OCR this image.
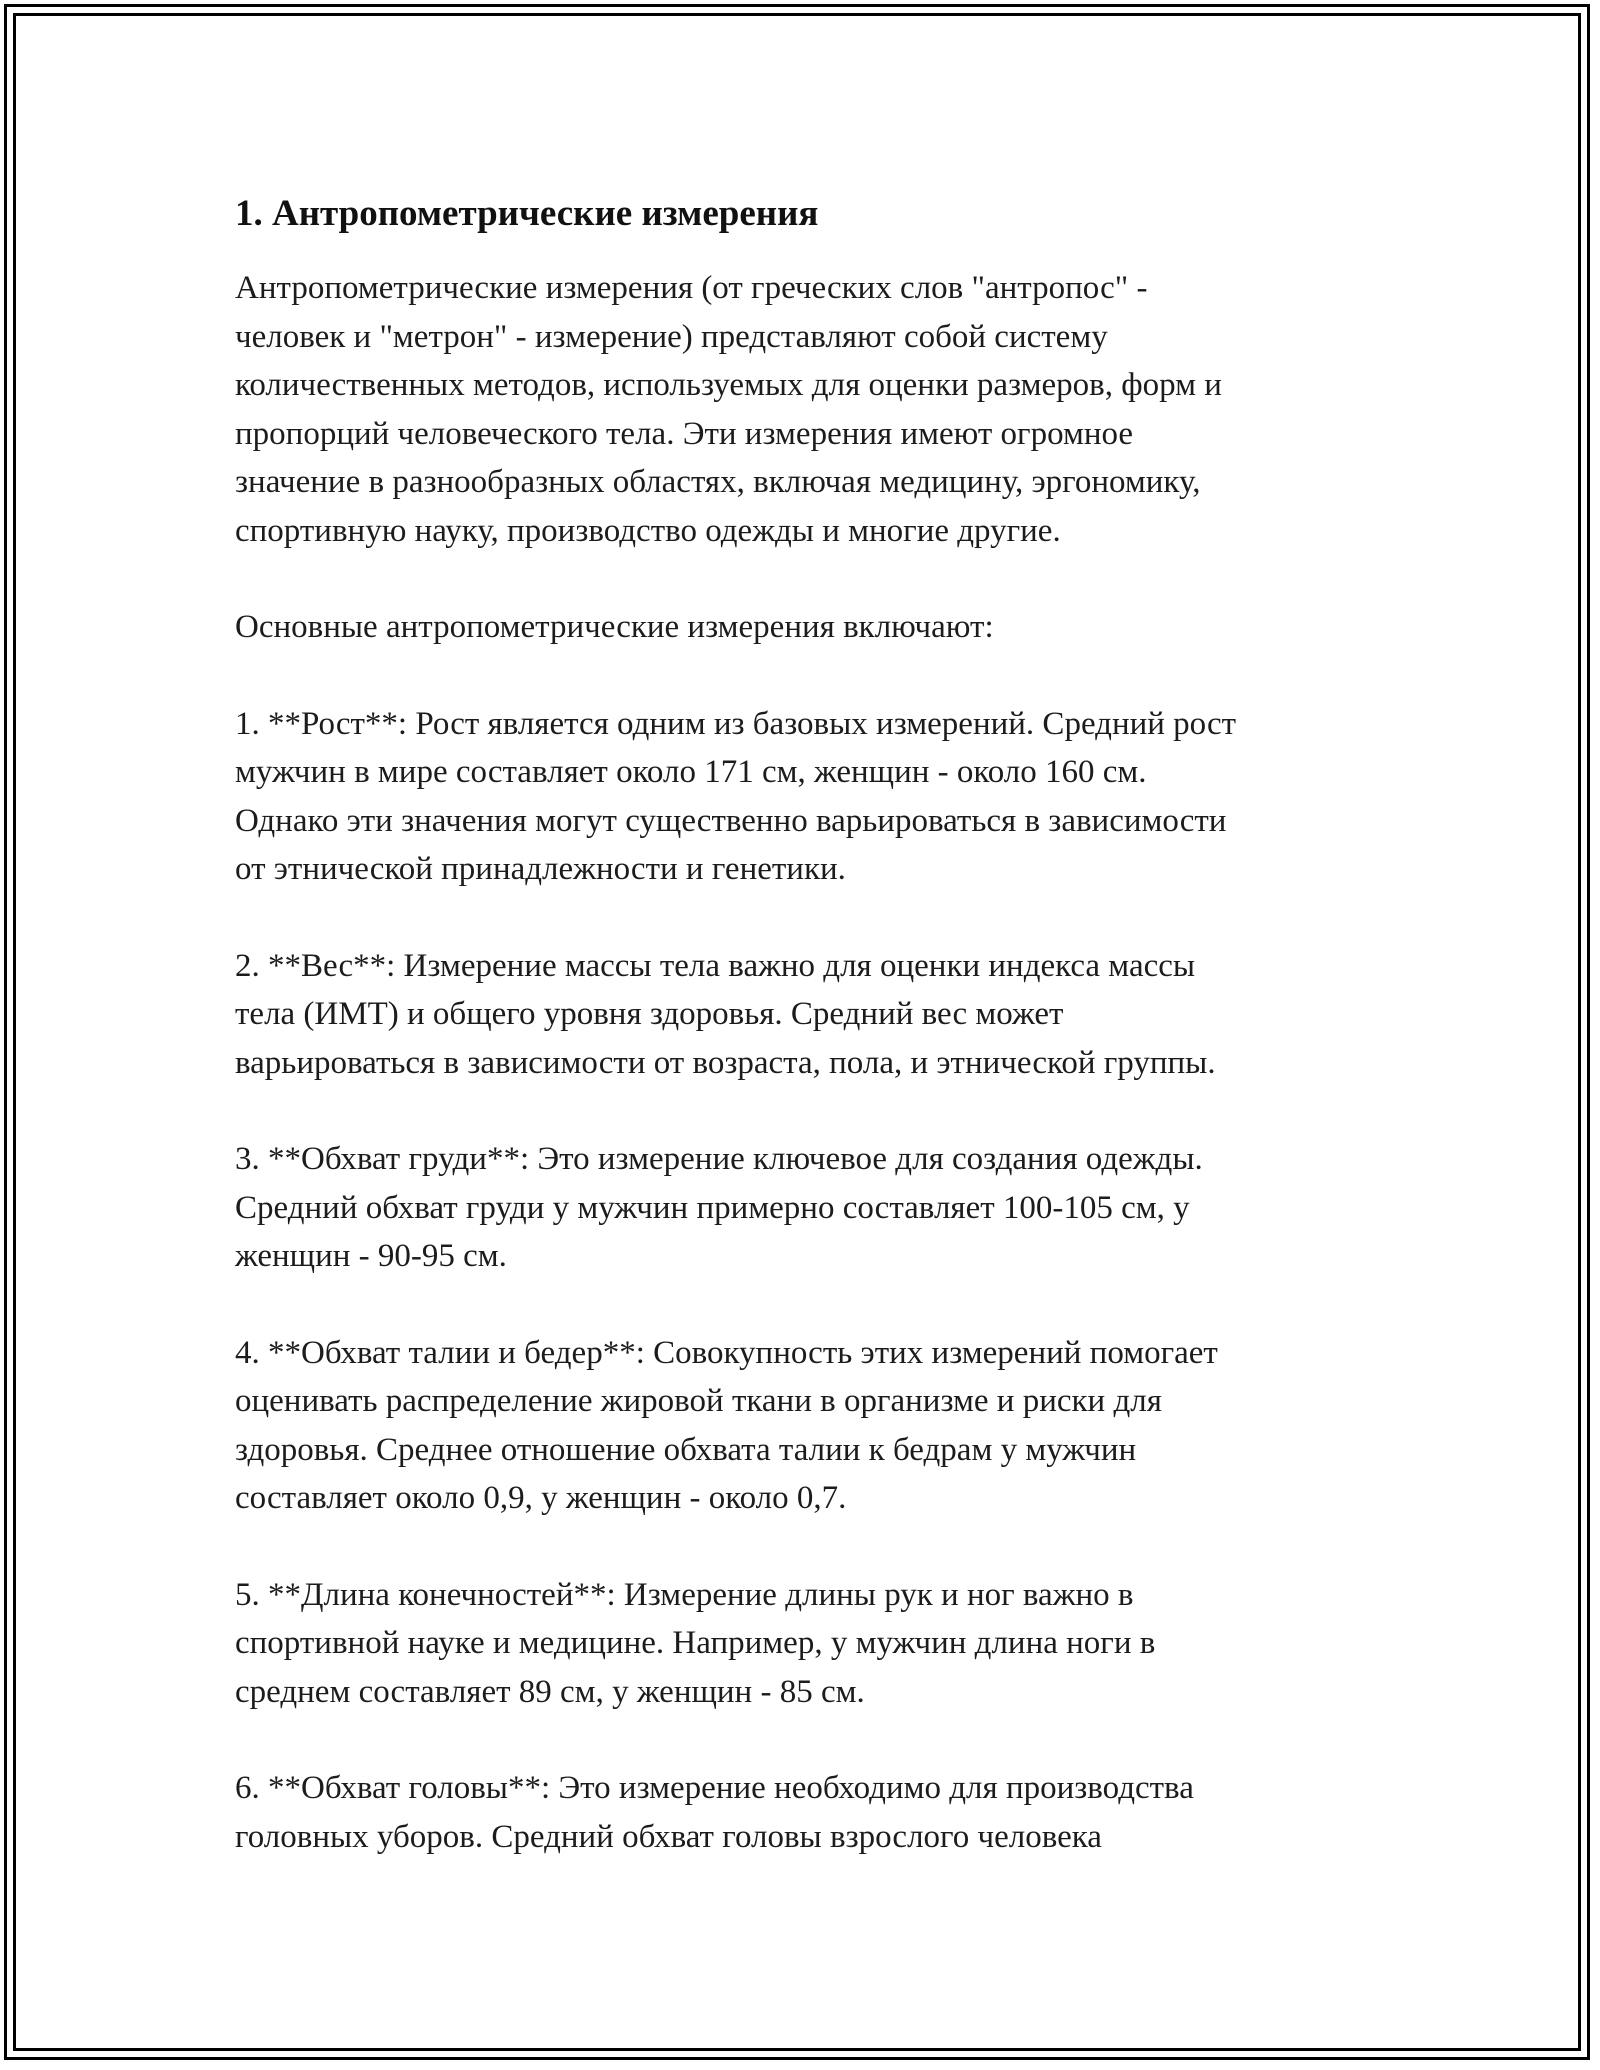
1. Антропометрические измерения

Антропометрические измерения (от греческих слов "антропос" -
человек и "метрон" - измерение) представляют собой систему
количественных методов, используемых для оценки размеров, форм и
пропорций человеческого тела. Эти измерения имеют огромное
значение в разнообразных областях, включая медицину, эргономику,
спортивную науку, производство одежды и многие другие.

Основные антропометрические измерения включают:

1. **Рост**: Рост является одним из базовых измерений. Средний рост
мужчин в мире составляет около 171 см, женщин - около 160 см.
Однако эти значения могут существенно варьироваться в зависимости
от этнической принадлежности и генетики.

2. **Вес**: Измерение массы тела важно для оценки индекса массы
тела (ИМТ) и общего уровня здоровья. Средний вес может
варьироваться в зависимости от возраста, пола, и этнической группы.

3. **Обхват груди**: Это измерение ключевое для создания одежды.
Средний обхват груди у мужчин примерно составляет 100-105 см, у
женщин - 90-95 см.

4. **Обхват талии и бедер**: Совокупность этих измерений помогает
оценивать распределение жировой ткани в организме и риски для
здоровья. Среднее отношение обхвата талии к бедрам у мужчин
составляет около 0,9, у женщин - около 0,7.

5. **Длина конечностей**: Измерение длины рук и ног важно в
спортивной науке и медицине. Например, у мужчин длина ноги в
среднем составляет 89 см, у женщин - 85 см.

6. **Обхват головы**: Это измерение необходимо для производства
головных уборов. Средний обхват головы взрослого человека
